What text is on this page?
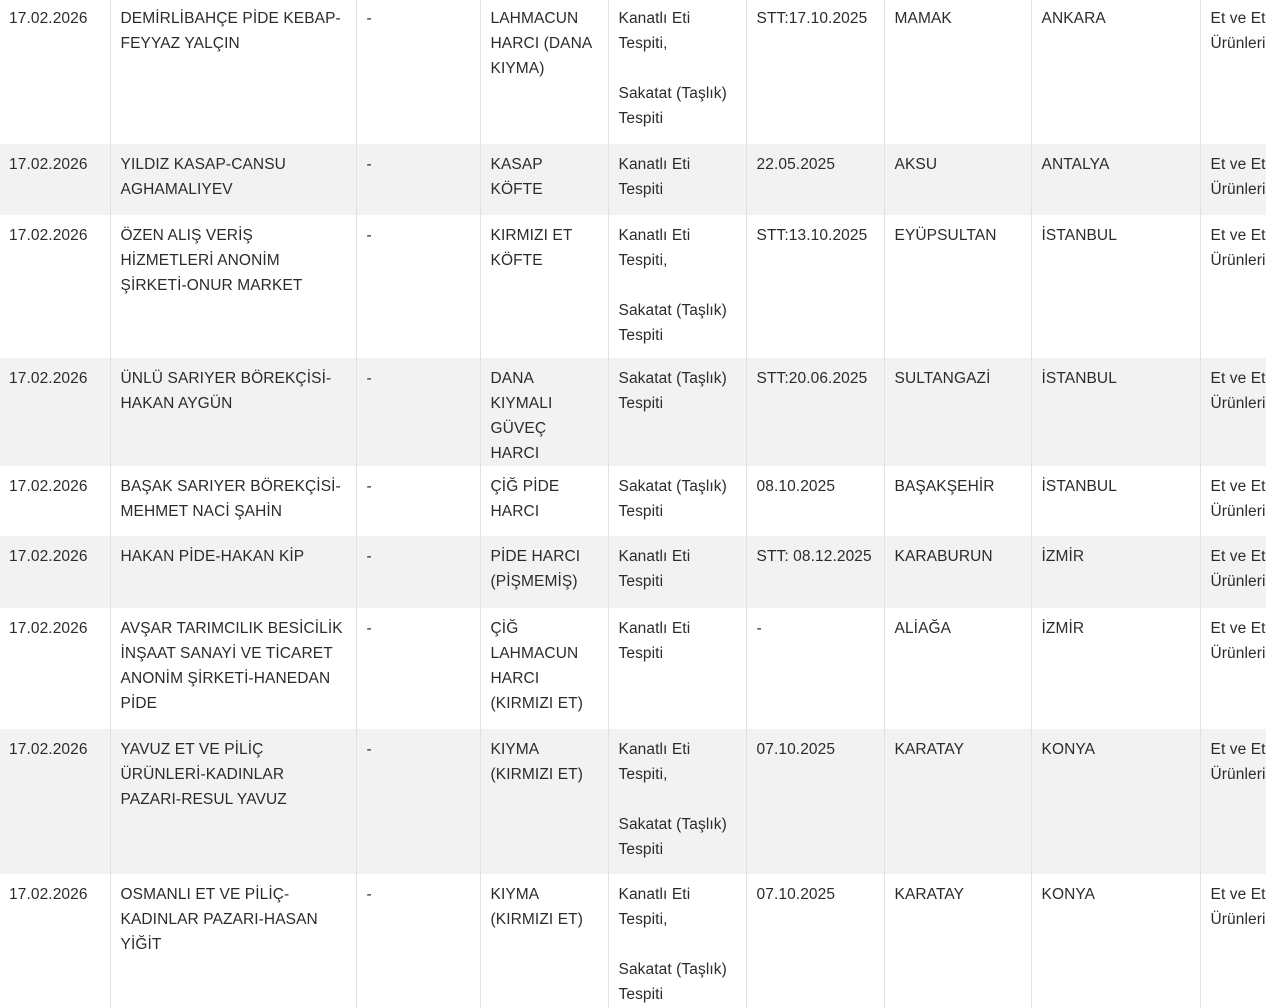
17.02.2026	DEMİRLİBAHÇE PİDE KEBAP-FEYYAZ YALÇIN	-	LAHMACUN HARCI (DANA KIYMA)	Kanatlı Eti Tespiti,
Sakatat (Taşlık) Tespiti	STT:17.10.2025	MAMAK	ANKARA	Et ve Et Ürünleri

17.02.2026	YILDIZ KASAP-CANSU AGHAMALIYEV	-	KASAP KÖFTE	Kanatlı Eti Tespiti	22.05.2025	AKSU	ANTALYA	Et ve Et Ürünleri

17.02.2026	ÖZEN ALIŞ VERİŞ HİZMETLERİ ANONİM ŞİRKETİ-ONUR MARKET	-	KIRMIZI ET KÖFTE	Kanatlı Eti Tespiti,
Sakatat (Taşlık) Tespiti	STT:13.10.2025	EYÜPSULTAN	İSTANBUL	Et ve Et Ürünleri

17.02.2026	ÜNLÜ SARIYER BÖREKÇİSİ-HAKAN AYGÜN	-	DANA KIYMALI GÜVEÇ HARCI	Sakatat (Taşlık) Tespiti	STT:20.06.2025	SULTANGAZİ	İSTANBUL	Et ve Et Ürünleri

17.02.2026	BAŞAK SARIYER BÖREKÇİSİ-MEHMET NACİ ŞAHİN	-	ÇİĞ PİDE HARCI	Sakatat (Taşlık) Tespiti	08.10.2025	BAŞAKŞEHİR	İSTANBUL	Et ve Et Ürünleri

17.02.2026	HAKAN PİDE-HAKAN KİP	-	PİDE HARCI (PİŞMEMİŞ)	Kanatlı Eti Tespiti	STT: 08.12.2025	KARABURUN	İZMİR	Et ve Et Ürünleri

17.02.2026	AVŞAR TARIMCILIK BESİCİLİK İNŞAAT SANAYİ VE TİCARET ANONİM ŞİRKETİ-HANEDAN PİDE	-	ÇİĞ LAHMACUN HARCI (KIRMIZI ET)	Kanatlı Eti Tespiti	-	ALİAĞA	İZMİR	Et ve Et Ürünleri

17.02.2026	YAVUZ ET VE PİLİÇ ÜRÜNLERİ-KADINLAR PAZARI-RESUL YAVUZ	-	KIYMA (KIRMIZI ET)	Kanatlı Eti Tespiti,
Sakatat (Taşlık) Tespiti	07.10.2025	KARATAY	KONYA	Et ve Et Ürünleri

17.02.2026	OSMANLI ET VE PİLİÇ-KADINLAR PAZARI-HASAN YİĞİT	-	KIYMA (KIRMIZI ET)	Kanatlı Eti Tespiti,
Sakatat (Taşlık) Tespiti	07.10.2025	KARATAY	KONYA	Et ve Et Ürünleri
